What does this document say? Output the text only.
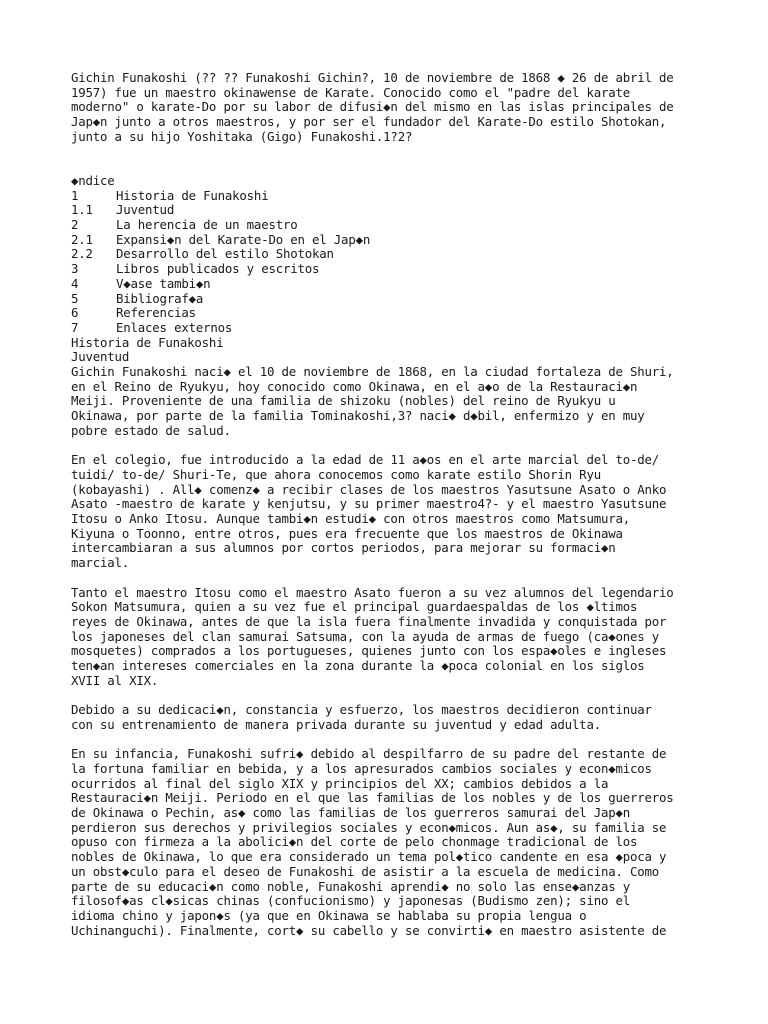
Gichin Funakoshi (?? ?? Funakoshi Gichin?, 10 de noviembre de 1868 ◆ 26 de abril de
1957) fue un maestro okinawense de Karate. Conocido como el "padre del karate
moderno" o karate-Do por su labor de difusi◆n del mismo en las islas principales de
Jap◆n junto a otros maestros, y por ser el fundador del Karate-Do estilo Shotokan,
junto a su hijo Yoshitaka (Gigo) Funakoshi.1?2?

◆ndice
1	Historia de Funakoshi
1.1	Juventud
2	La herencia de un maestro
2.1	Expansi◆n del Karate-Do en el Jap◆n
2.2	Desarrollo del estilo Shotokan
3	Libros publicados y escritos
4	V◆ase tambi◆n
5	Bibliograf◆a
6	Referencias
7	Enlaces externos
Historia de Funakoshi
Juventud

Gichin Funakoshi naci◆ el 10 de noviembre de 1868, en la ciudad fortaleza de Shuri,
en el Reino de Ryukyu, hoy conocido como Okinawa, en el a◆o de la Restauraci◆n
Meiji. Proveniente de una familia de shizoku (nobles) del reino de Ryukyu u
Okinawa, por parte de la familia Tominakoshi,3? naci◆ d◆bil, enfermizo y en muy
pobre estado de salud.

En el colegio, fue introducido a la edad de 11 a◆os en el arte marcial del to-de/
tuidi/ to-de/ Shuri-Te, que ahora conocemos como karate estilo Shorin Ryu
(kobayashi) . All◆ comenz◆ a recibir clases de los maestros Yasutsune Asato o Anko
Asato -maestro de karate y kenjutsu, y su primer maestro4?- y el maestro Yasutsune
Itosu o Anko Itosu. Aunque tambi◆n estudi◆ con otros maestros como Matsumura,
Kiyuna o Toonno, entre otros, pues era frecuente que los maestros de Okinawa
intercambiaran a sus alumnos por cortos periodos, para mejorar su formaci◆n
marcial.

Tanto el maestro Itosu como el maestro Asato fueron a su vez alumnos del legendario
Sokon Matsumura, quien a su vez fue el principal guardaespaldas de los ◆ltimos
reyes de Okinawa, antes de que la isla fuera finalmente invadida y conquistada por
los japoneses del clan samurai Satsuma, con la ayuda de armas de fuego (ca◆ones y
mosquetes) comprados a los portugueses, quienes junto con los espa◆oles e ingleses
ten◆an intereses comerciales en la zona durante la ◆poca colonial en los siglos
XVII al XIX.

Debido a su dedicaci◆n, constancia y esfuerzo, los maestros decidieron continuar
con su entrenamiento de manera privada durante su juventud y edad adulta.

En su infancia, Funakoshi sufri◆ debido al despilfarro de su padre del restante de
la fortuna familiar en bebida, y a los apresurados cambios sociales y econ◆micos
ocurridos al final del siglo XIX y principios del XX; cambios debidos a la
Restauraci◆n Meiji. Periodo en el que las familias de los nobles y de los guerreros
de Okinawa o Pechin, as◆ como las familias de los guerreros samurai del Jap◆n
perdieron sus derechos y privilegios sociales y econ◆micos. Aun as◆, su familia se
opuso con firmeza a la abolici◆n del corte de pelo chonmage tradicional de los
nobles de Okinawa, lo que era considerado un tema pol◆tico candente en esa ◆poca y
un obst◆culo para el deseo de Funakoshi de asistir a la escuela de medicina. Como
parte de su educaci◆n como noble, Funakoshi aprendi◆ no solo las ense◆anzas y
filosof◆as cl◆sicas chinas (confucionismo) y japonesas (Budismo zen); sino el
idioma chino y japon◆s (ya que en Okinawa se hablaba su propia lengua o
Uchinanguchi). Finalmente, cort◆ su cabello y se convirti◆ en maestro asistente de
